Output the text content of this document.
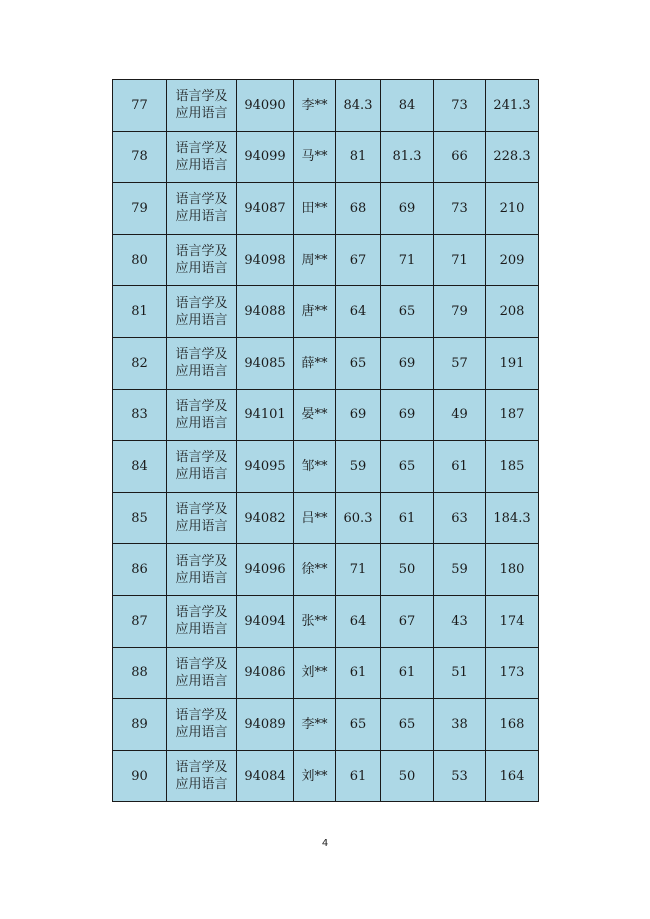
77	语言学及
应用语言	94090	李**	84.3	84	73	241.3
78	语言学及
应用语言	94099	马**	81	81.3	66	228.3
79	语言学及
应用语言	94087	田**	68	69	73	210
80	语言学及
应用语言	94098	周**	67	71	71	209
81	语言学及
应用语言	94088	唐**	64	65	79	208
82	语言学及
应用语言	94085	薛**	65	69	57	191
83	语言学及
应用语言	94101	晏**	69	69	49	187
84	语言学及
应用语言	94095	邹**	59	65	61	185
85	语言学及
应用语言	94082	吕**	60.3	61	63	184.3
86	语言学及
应用语言	94096	徐**	71	50	59	180
87	语言学及
应用语言	94094	张**	64	67	43	174
88	语言学及
应用语言	94086	刘**	61	61	51	173
89	语言学及
应用语言	94089	李**	65	65	38	168
90	语言学及
应用语言	94084	刘**	61	50	53	164
4
